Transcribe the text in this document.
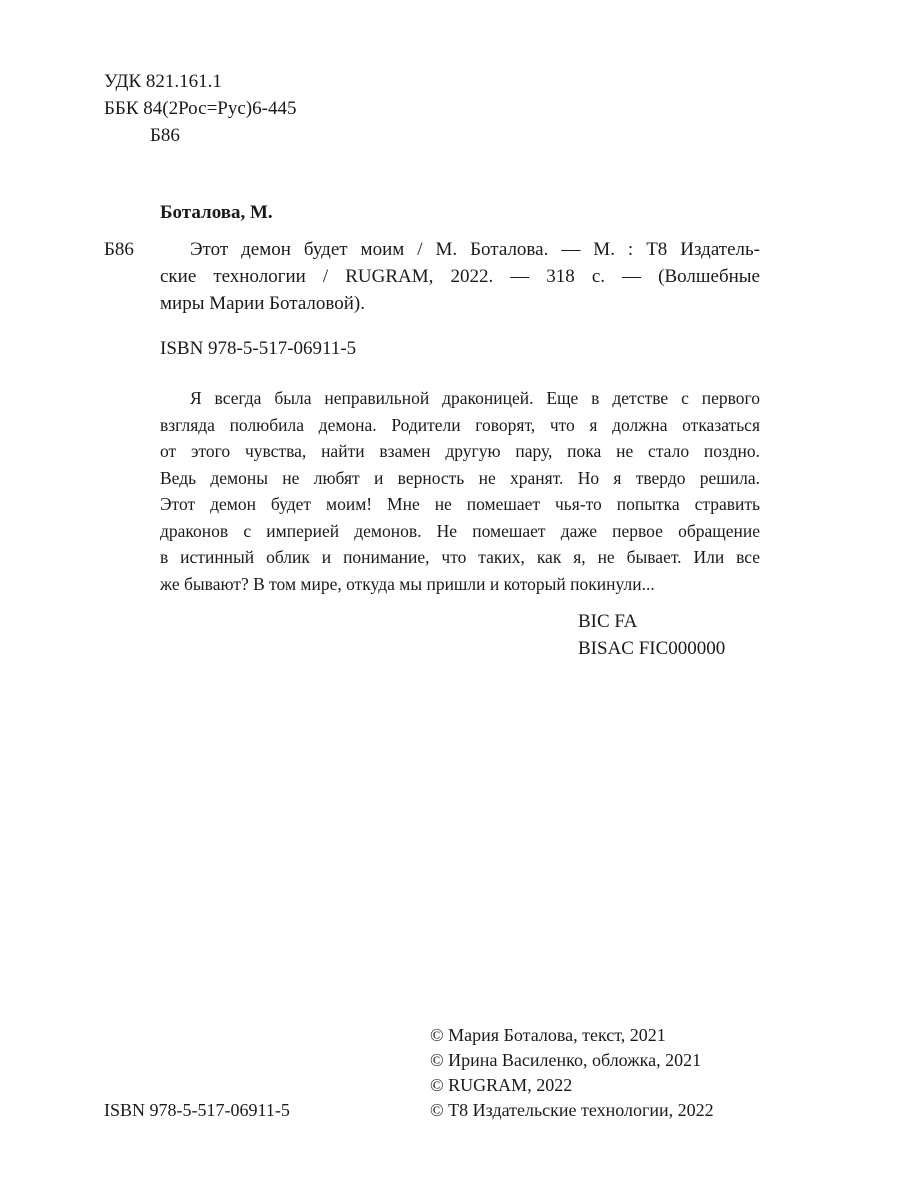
УДК 821.161.1
ББК 84(2Рос=Рус)6-445
Б86
Боталова, М.
Б86	Этот демон будет моим / М. Боталова. — М. : Т8 Издатель-
ские технологии / RUGRAM, 2022. — 318 с. — (Волшебные
миры Марии Боталовой).
ISBN 978-5-517-06911-5
Я всегда была неправильной драконицей. Еще в детстве с первого
взгляда полюбила демона. Родители говорят, что я должна отказаться
от этого чувства, найти взамен другую пару, пока не стало поздно.
Ведь демоны не любят и верность не хранят. Но я твердо решила.
Этот демон будет моим! Мне не помешает чья-то попытка стравить
драконов с империей демонов. Не помешает даже первое обращение
в истинный облик и понимание, что таких, как я, не бывает. Или все
же бывают? В том мире, откуда мы пришли и который покинули...
BIC FA
BISAC FIC000000
© Мария Боталова, текст, 2021
© Ирина Василенко, обложка, 2021
© RUGRAM, 2022
© Т8 Издательские технологии, 2022
ISBN 978-5-517-06911-5
